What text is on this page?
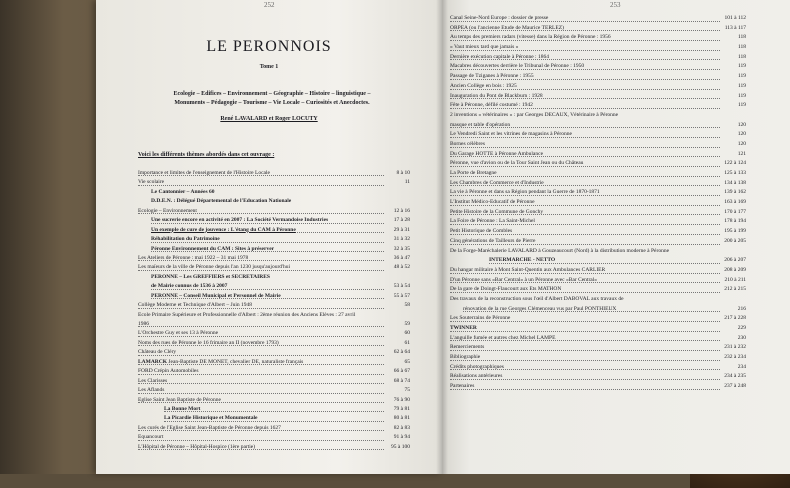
252
LE PERONNOIS
Tome 1
Ecologie – Edifices – Environnement – Géographie – Histoire – linguistique –
Monuments – Pédagogie – Tourisme – Vie Locale – Curiosités et Anecdoctes.
René LAVALARD et Roger LOCUTY
Voici les différents thèmes abordés dans cet ouvrage :
Importance et limites de l'enseignement de l'Histoire Locale	8 à 10
Vie scolaire	11
Le Cantonnier – Années 60
D.D.E.N. : Délégué Départemental de l'Education Nationale
Ecologie – Environnement	12 à 16
Une sucrerie encore en activité en 2007 : La Société Vermandoise Industries	17 à 28
Un exemple de cure de jouvence : L'étang du CAM à Péronne	29 à 31
Réhabilitation du Patrimoine	31 à 32
Péronne Environnement du CAM : Sites à préserver	32 à 35
Les Ateliers de Péronne : mai 1922 – 31 mai 1978	36 à 47
Les maïeurs de la ville de Péronne depuis l'an 1230 jusqu'aujourd'hui	48 à 52
PERONNE – Les GREFFIERS et SECRETAIRES
de Mairie connus de 1536 à 2007	53 à 54
PERONNE – Conseil Municipal et Personnel de Mairie	55 à 57
Collège Moderne et Technique d'Albert – Juin 1948	58
Ecole Primaire Supérieure et Professionnelle d'Albert : 2ème réunion des Anciens Elèves : 27 avril
1986	59
L'Orchestre Guy et ses 13 à Péronne	60
Noms des rues de Péronne le 16 frimaire an II (novembre 1793)	61
Château de Cléry	62 à 64
LAMARCK Jean-Baptiste DE MONET, chevalier DE, naturaliste français	65
FORD Crépin Automobiles	66 à 67
Les Clarisses	68 à 74
Les Aflands	75
Eglise Saint Jean Baptiste de Péronne	76 à 90
La Bonne Mort	79 à 81
La Picardie Historique et Monumentale	80 à 81
Les curés de l'Eglise Saint Jean-Baptiste de Péronne depuis 1627	82 à 83
Equancourt	91 à 94
L'Hôpital de Péronne – Hôpital-Hospice (1ère partie)	95 à 100
253
Canal Seine-Nord Europe : dossier de presse	101 à 112
ORPEA (ou l'ancienne Etude de Maurice TERLEZ)	113 à 117
Au temps des premiers radars (vitesse) dans la Région de Péronne : 1956	118
« Vaut mieux tard que jamais »	118
Dernière exécution capitale à Péronne : 1864	118
Macabres découvertes derrière le Tribunal de Péronne : 1950	119
Passage de Tziganes à Péronne : 1955	119
Ancien Collège en bois : 1925	119
Inauguration du Pont de Blackburn : 1928	119
Fête à Péronne, défilé costumé : 1942	119
2 inventions « vétérinaires » : par Georges DECAUX, Vétérinaire à Péronne
masque et table d'opération	120
Le Vendredi Saint et les vitrines de magasins à Péronne	120
Bornes célèbres	120
Du Garage HOTTE à Péronne Ambulance	121
Péronne, vue d'avion ou de la Tour Saint Jean ou du Château	122 à 124
La Porte de Bretagne	125 à 133
Les Chambres de Commerce et d'Industrie	134 à 138
La vie à Péronne et dans sa Région pendant la Guerre de 1870-1871	139 à 162
L'Institut Médico-Educatif de Péronne	163 à 169
Petite Histoire de la Commune de Gonchy	170 à 177
La Foire de Péronne : La Saint-Michel	178 à 194
Petit Historique de Combles	195 à 199
Cinq générations de Tailleurs de Pierre	200 à 205
De la Forge-Maréchalerie LAVALARD à Gouzeaucourt (Nord) à la distribution moderne à Péronne
INTERMARCHE - NETTO	206 à 207
Du hangar militaire à Mont Saint-Quentin aux Ambulances CARLIER	208 à 209
D'un Péronne sans «Bar Central» à un Péronne avec «Bar Central»	210 à 211
De la gare de Doingt-Flaucourt aux Ets MATHON	212 à 215
Des travaux de la reconstruction sous l'œil d'Albert DABOVAL aux travaux de
rénovation de la rue Georges Clémenceau vus par Paul PONTHIEUX	216
Les Souterrains de Péronne	217 à 228
TWINNER	229
L'anguille fumée et autres chez Michel LAMPE	230
Remerciements	231 à 232
Bibliographie	232 à 234
Crédits photographiques	234
Réalisations antérieures	234 à 235
Partenaires	237 à 248
